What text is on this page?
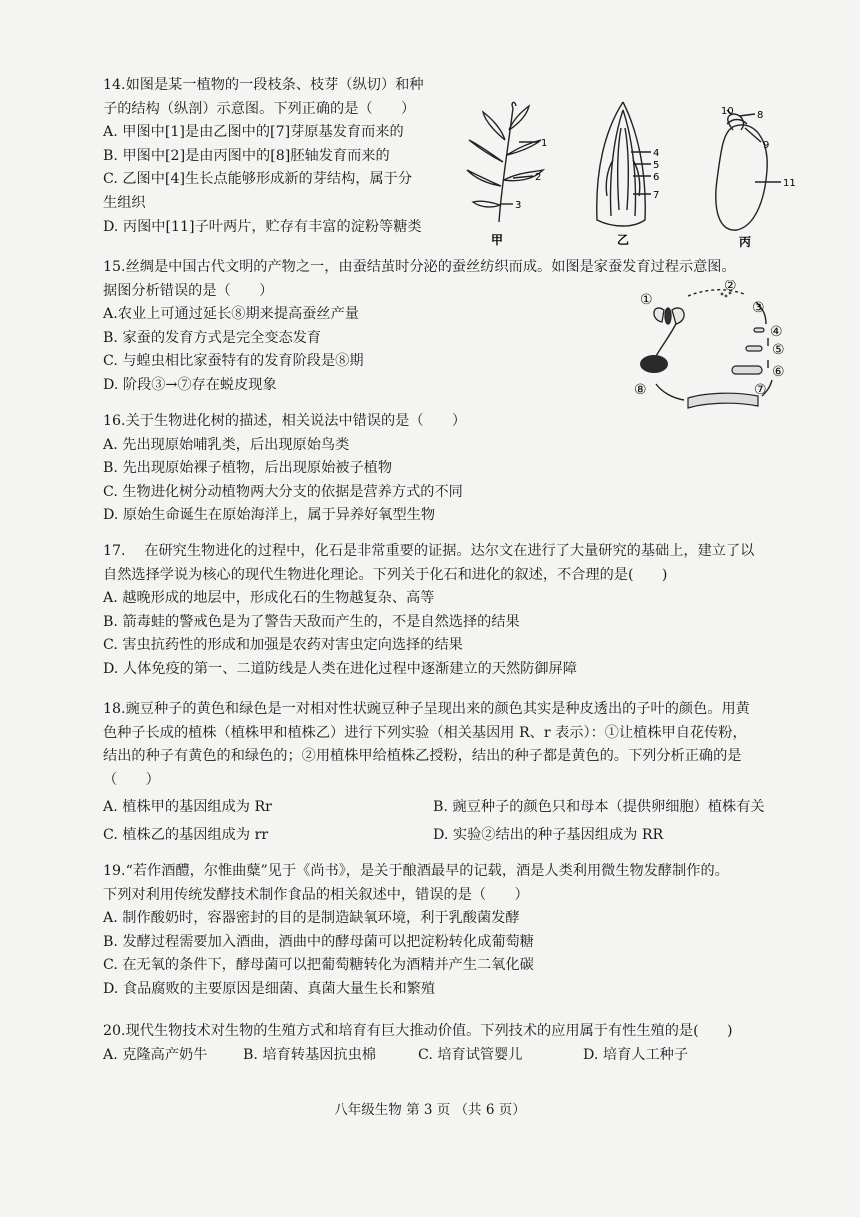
14.如图是某一植物的一段枝条、枝芽（纵切）和种
子的结构（纵剖）示意图。下列正确的是（　　）
A. 甲图中[1]是由乙图中的[7]芽原基发育而来的
B. 甲图中[2]是由丙图中的[8]胚轴发育而来的
C. 乙图中[4]生长点能够形成新的芽结构，属于分
生组织
D. 丙图中[11]子叶两片，贮存有丰富的淀粉等糖类
1
2
3
甲
4
5
6
7
乙
10 8
9
11
丙
15.丝绸是中国古代文明的产物之一，由蚕结茧时分泌的蚕丝纺织而成。如图是家蚕发育过程示意图。
据图分析错误的是（　　）
A.农业上可通过延长⑧期来提高蚕丝产量
B. 家蚕的发育方式是完全变态发育
C. 与蝗虫相比家蚕特有的发育阶段是⑧期
D. 阶段③→⑦存在蜕皮现象
①
②
③
④
⑤
⑥
⑦
⑧
16.关于生物进化树的描述，相关说法中错误的是（　　）
A. 先出现原始哺乳类，后出现原始鸟类
B. 先出现原始裸子植物，后出现原始被子植物
C. 生物进化树分动植物两大分支的依据是营养方式的不同
D. 原始生命诞生在原始海洋上，属于异养好氧型生物
17.　 在研究生物进化的过程中，化石是非常重要的证据。达尔文在进行了大量研究的基础上，建立了以
自然选择学说为核心的现代生物进化理论。下列关于化石和进化的叙述，不合理的是(　　)
A. 越晚形成的地层中，形成化石的生物越复杂、高等
B. 箭毒蛙的警戒色是为了警告天敌而产生的，不是自然选择的结果
C. 害虫抗药性的形成和加强是农药对害虫定向选择的结果
D. 人体免疫的第一、二道防线是人类在进化过程中逐渐建立的天然防御屏障
18.豌豆种子的黄色和绿色是一对相对性状豌豆种子呈现出来的颜色其实是种皮透出的子叶的颜色。用黄
色种子长成的植株（植株甲和植株乙）进行下列实验（相关基因用 R、r 表示）：①让植株甲自花传粉，
结出的种子有黄色的和绿色的；②用植株甲给植株乙授粉，结出的种子都是黄色的。下列分析正确的是
（　　）
A. 植株甲的基因组成为 Rr	B. 豌豆种子的颜色只和母本（提供卵细胞）植株有关
C. 植株乙的基因组成为 rr	D. 实验②结出的种子基因组成为 RR
19.“若作酒醴，尔惟曲糵”见于《尚书》，是关于酿酒最早的记载，酒是人类利用微生物发酵制作的。
下列对利用传统发酵技术制作食品的相关叙述中，错误的是（　　）
A. 制作酸奶时，容器密封的目的是制造缺氧环境，利于乳酸菌发酵
B. 发酵过程需要加入酒曲，酒曲中的酵母菌可以把淀粉转化成葡萄糖
C. 在无氧的条件下，酵母菌可以把葡萄糖转化为酒精并产生二氧化碳
D. 食品腐败的主要原因是细菌、真菌大量生长和繁殖
20.现代生物技术对生物的生殖方式和培育有巨大推动价值。下列技术的应用属于有性生殖的是(　　)
A. 克隆高产奶牛	B. 培育转基因抗虫棉	C. 培育试管婴儿	D. 培育人工种子
八年级生物 第 3 页 （共 6 页）
